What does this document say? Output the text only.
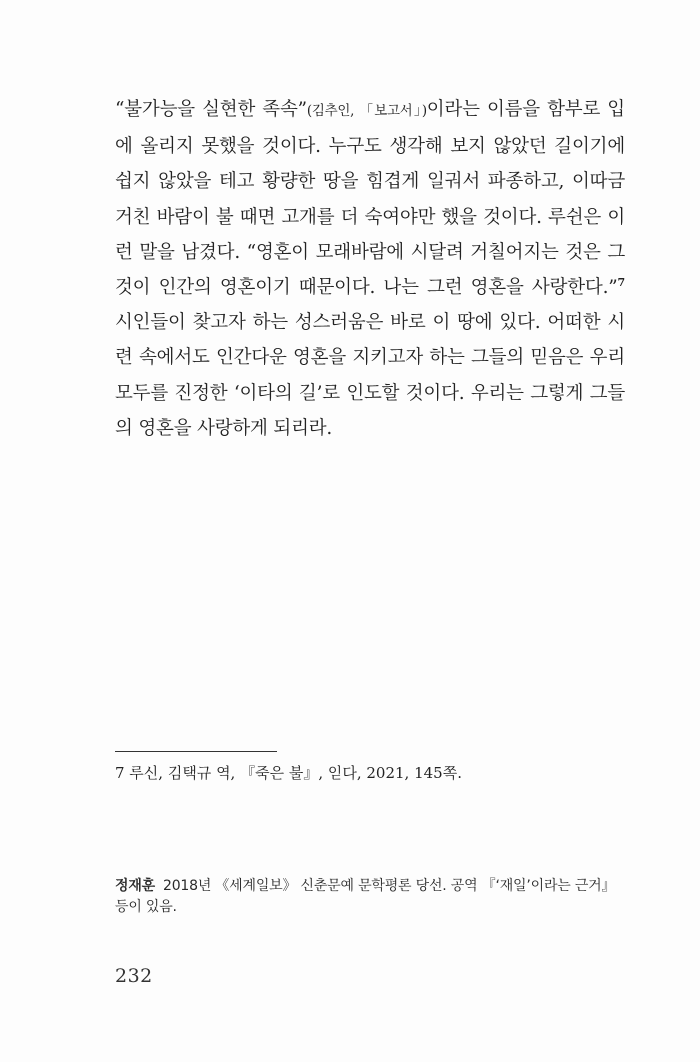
“불가능을 실현한 족속”(김추인, 「보고서」)이라는 이름을 함부로 입에 올리지 못했을 것이다. 누구도 생각해 보지 않았던 길이기에 쉽지 않았을 테고 황량한 땅을 힘겹게 일궈서 파종하고, 이따금 거친 바람이 불 때면 고개를 더 숙여야만 했을 것이다. 루쉰은 이런 말을 남겼다. “영혼이 모래바람에 시달려 거칠어지는 것은 그것이 인간의 영혼이기 때문이다. 나는 그런 영혼을 사랑한다.”$^7$ 시인들이 찾고자 하는 성스러움은 바로 이 땅에 있다. 어떠한 시련 속에서도 인간다운 영혼을 지키고자 하는 그들의 믿음은 우리 모두를 진정한 ‘이타의 길’로 인도할 것이다. 우리는 그렇게 그들의 영혼을 사랑하게 되리라.

7 루신, 김택규 역, 『죽은 불』, 읻다, 2021, 145쪽.

정재훈 2018년 《세계일보》 신춘문예 문학평론 당선. 공역 『‘재일’이라는 근거』 등이 있음.

232
